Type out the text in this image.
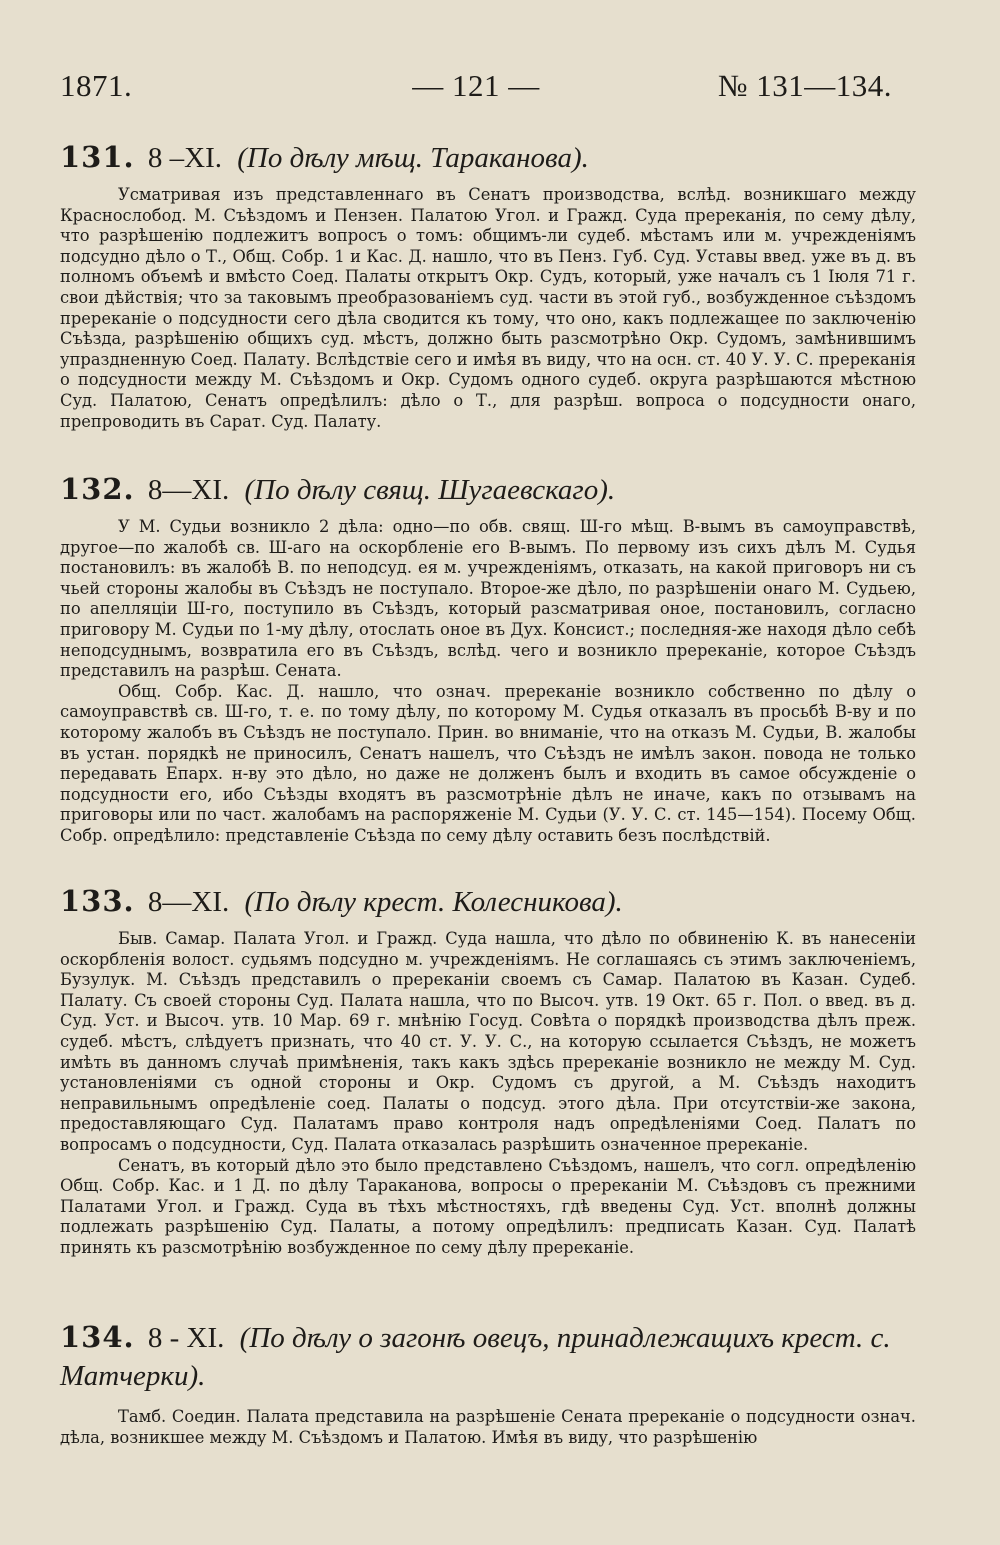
1871.	— 121 —	№ 131—134.
131. 8 –XI. (По дѣлу мѣщ. Тараканова).

Усматривая изъ представленнаго въ Сенатъ производства, вслѣд. возникшаго между Краснослобод. М. Съѣздомъ и Пензен. Палатою Угол. и Гражд. Суда пререканія, по сему дѣлу, что разрѣшенію подлежитъ вопросъ о томъ: общимъ-ли судеб. мѣстамъ или м. учрежденіямъ подсудно дѣло о Т., Общ. Собр. 1 и Кас. Д. нашло, что въ Пенз. Губ. Суд. Уставы введ. уже въ д. въ полномъ объемѣ и вмѣсто Соед. Палаты открытъ Окр. Судъ, который, уже началъ съ 1 Іюля 71 г. свои дѣйствія; что за таковымъ преобразованіемъ суд. части въ этой губ., возбужденное съѣздомъ пререканіе о подсудности сего дѣла сводится къ тому, что оно, какъ подлежащее по заключенію Съѣзда, разрѣшенію общихъ суд. мѣстъ, должно быть разсмотрѣно Окр. Судомъ, замѣнившимъ упраздненную Соед. Палату. Вслѣдствіе сего и имѣя въ виду, что на осн. ст. 40 У. У. С. пререканія о подсудности между М. Съѣздомъ и Окр. Судомъ одного судеб. округа разрѣшаются мѣстною Суд. Палатою, Сенатъ опредѣлилъ: дѣло о Т., для разрѣш. вопроса о подсудности онаго, препроводить въ Сарат. Суд. Палату.

132. 8—XI. (По дѣлу свящ. Шугаевскаго).

У М. Судьи возникло 2 дѣла: одно—по обв. свящ. Ш-го мѣщ. В-вымъ въ самоуправствѣ, другое—по жалобѣ св. Ш-аго на оскорбленіе его В-вымъ. По первому изъ сихъ дѣлъ М. Судья постановилъ: въ жалобѣ В. по неподсуд. ея м. учрежденіямъ, отказать, на какой приговоръ ни съ чьей стороны жалобы въ Съѣздъ не поступало. Второе-же дѣло, по разрѣшеніи онаго М. Судьею, по апелляціи Ш-го, поступило въ Съѣздъ, который разсматривая оное, постановилъ, согласно приговору М. Судьи по 1-му дѣлу, отослать оное въ Дух. Консист.; последняя-же находя дѣло себѣ неподсуднымъ, возвратила его въ Съѣздъ, вслѣд. чего и возникло пререканіе, которое Съѣздъ представилъ на разрѣш. Сената.

Общ. Собр. Кас. Д. нашло, что означ. пререканіе возникло собственно по дѣлу о самоуправствѣ св. Ш-го, т. е. по тому дѣлу, по которому М. Судья отказалъ въ просьбѣ В-ву и по которому жалобъ въ Съѣздъ не поступало. Прин. во вниманіе, что на отказъ М. Судьи, В. жалобы въ устан. порядкѣ не приносилъ, Сенатъ нашелъ, что Съѣздъ не имѣлъ закон. повода не только передавать Епарх. н-ву это дѣло, но даже не долженъ былъ и входить въ самое обсужденіе о подсудности его, ибо Съѣзды входятъ въ разсмотрѣніе дѣлъ не иначе, какъ по отзывамъ на приговоры или по част. жалобамъ на распоряженіе М. Судьи (У. У. С. ст. 145—154). Посему Общ. Собр. опредѣлило: представленіе Съѣзда по сему дѣлу оставить безъ послѣдствій.

133. 8—XI. (По дѣлу крест. Колесникова).

Быв. Самар. Палата Угол. и Гражд. Суда нашла, что дѣло по обвиненію К. въ нанесеніи оскорбленія волост. судьямъ подсудно м. учрежденіямъ. Не соглашаясь съ этимъ заключеніемъ, Бузулук. М. Съѣздъ представилъ о пререканіи своемъ съ Самар. Палатою въ Казан. Судеб. Палату. Съ своей стороны Суд. Палата нашла, что по Высоч. утв. 19 Окт. 65 г. Пол. о введ. въ д. Суд. Уст. и Высоч. утв. 10 Мар. 69 г. мнѣнію Госуд. Совѣта о порядкѣ производства дѣлъ преж. судеб. мѣстъ, слѣдуетъ признать, что 40 ст. У. У. С., на которую ссылается Съѣздъ, не можетъ имѣть въ данномъ случаѣ примѣненія, такъ какъ здѣсь пререканіе возникло не между М. Суд. установленіями съ одной стороны и Окр. Судомъ съ другой, а М. Съѣздъ находитъ неправильнымъ опредѣленіе соед. Палаты о подсуд. этого дѣла. При отсутствіи-же закона, предоставляющаго Суд. Палатамъ право контроля надъ опредѣленіями Соед. Палатъ по вопросамъ о подсудности, Суд. Палата отказалась разрѣшить означенное пререканіе.

Сенатъ, въ который дѣло это было представлено Съѣздомъ, нашелъ, что согл. опредѣленію Общ. Собр. Кас. и 1 Д. по дѣлу Тараканова, вопросы о пререканіи М. Съѣздовъ съ прежними Палатами Угол. и Гражд. Суда въ тѣхъ мѣстностяхъ, гдѣ введены Суд. Уст. вполнѣ должны подлежать разрѣшенію Суд. Палаты, а потому опредѣлилъ: предписать Казан. Суд. Палатѣ принять къ разсмотрѣнію возбужденное по сему дѣлу пререканіе.

134. 8 - XI. (По дѣлу о загонѣ овецъ, принадлежащихъ крест. с. Матчерки).

Тамб. Соедин. Палата представила на разрѣшеніе Сената пререканіе о подсудности означ. дѣла, возникшее между М. Съѣздомъ и Палатою. Имѣя въ виду, что разрѣшенію
